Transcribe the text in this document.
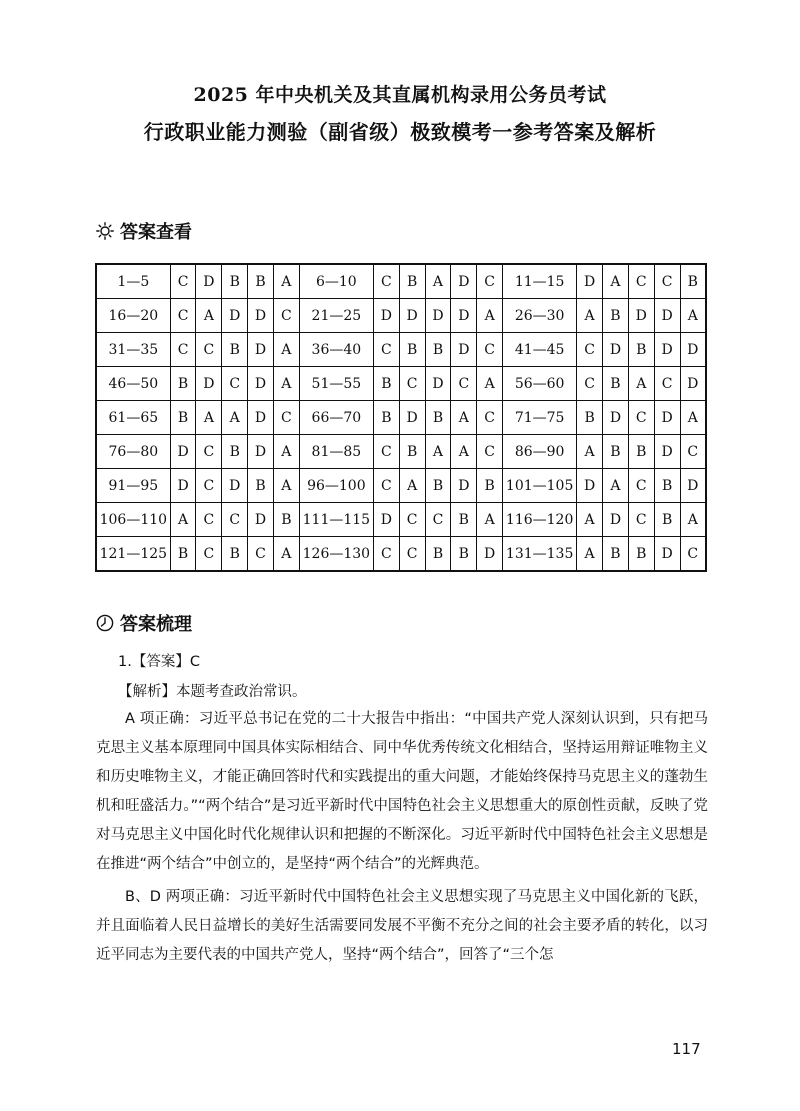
2025 年中央机关及其直属机构录用公务员考试
行政职业能力测验（副省级）极致模考一参考答案及解析
答案查看
1—5	C	D	B	B	A	6—10	C	B	A	D	C	11—15	D	A	C	C	B
16—20	C	A	D	D	C	21—25	D	D	D	D	A	26—30	A	B	D	D	A
31—35	C	C	B	D	A	36—40	C	B	B	D	C	41—45	C	D	B	D	D
46—50	B	D	C	D	A	51—55	B	C	D	C	A	56—60	C	B	A	C	D
61—65	B	A	A	D	C	66—70	B	D	B	A	C	71—75	B	D	C	D	A
76—80	D	C	B	D	A	81—85	C	B	A	A	C	86—90	A	B	B	D	C
91—95	D	C	D	B	A	96—100	C	A	B	D	B	101—105	D	A	C	B	D
106—110	A	C	C	D	B	111—115	D	C	C	B	A	116—120	A	D	C	B	A
121—125	B	C	B	C	A	126—130	C	C	B	B	D	131—135	A	B	B	D	C
答案梳理
1.【答案】C
【解析】本题考查政治常识。

A 项正确：习近平总书记在党的二十大报告中指出：“中国共产党人深刻认识到，只有把马克思主义基本原理同中国具体实际相结合、同中华优秀传统文化相结合，坚持运用辩证唯物主义和历史唯物主义，才能正确回答时代和实践提出的重大问题，才能始终保持马克思主义的蓬勃生机和旺盛活力。”“两个结合”是习近平新时代中国特色社会主义思想重大的原创性贡献，反映了党对马克思主义中国化时代化规律认识和把握的不断深化。习近平新时代中国特色社会主义思想是在推进“两个结合”中创立的，是坚持“两个结合”的光辉典范。

B、D 两项正确：习近平新时代中国特色社会主义思想实现了马克思主义中国化新的飞跃，并且面临着人民日益增长的美好生活需要同发展不平衡不充分之间的社会主要矛盾的转化，以习近平同志为主要代表的中国共产党人，坚持“两个结合”，回答了“三个怎

117
